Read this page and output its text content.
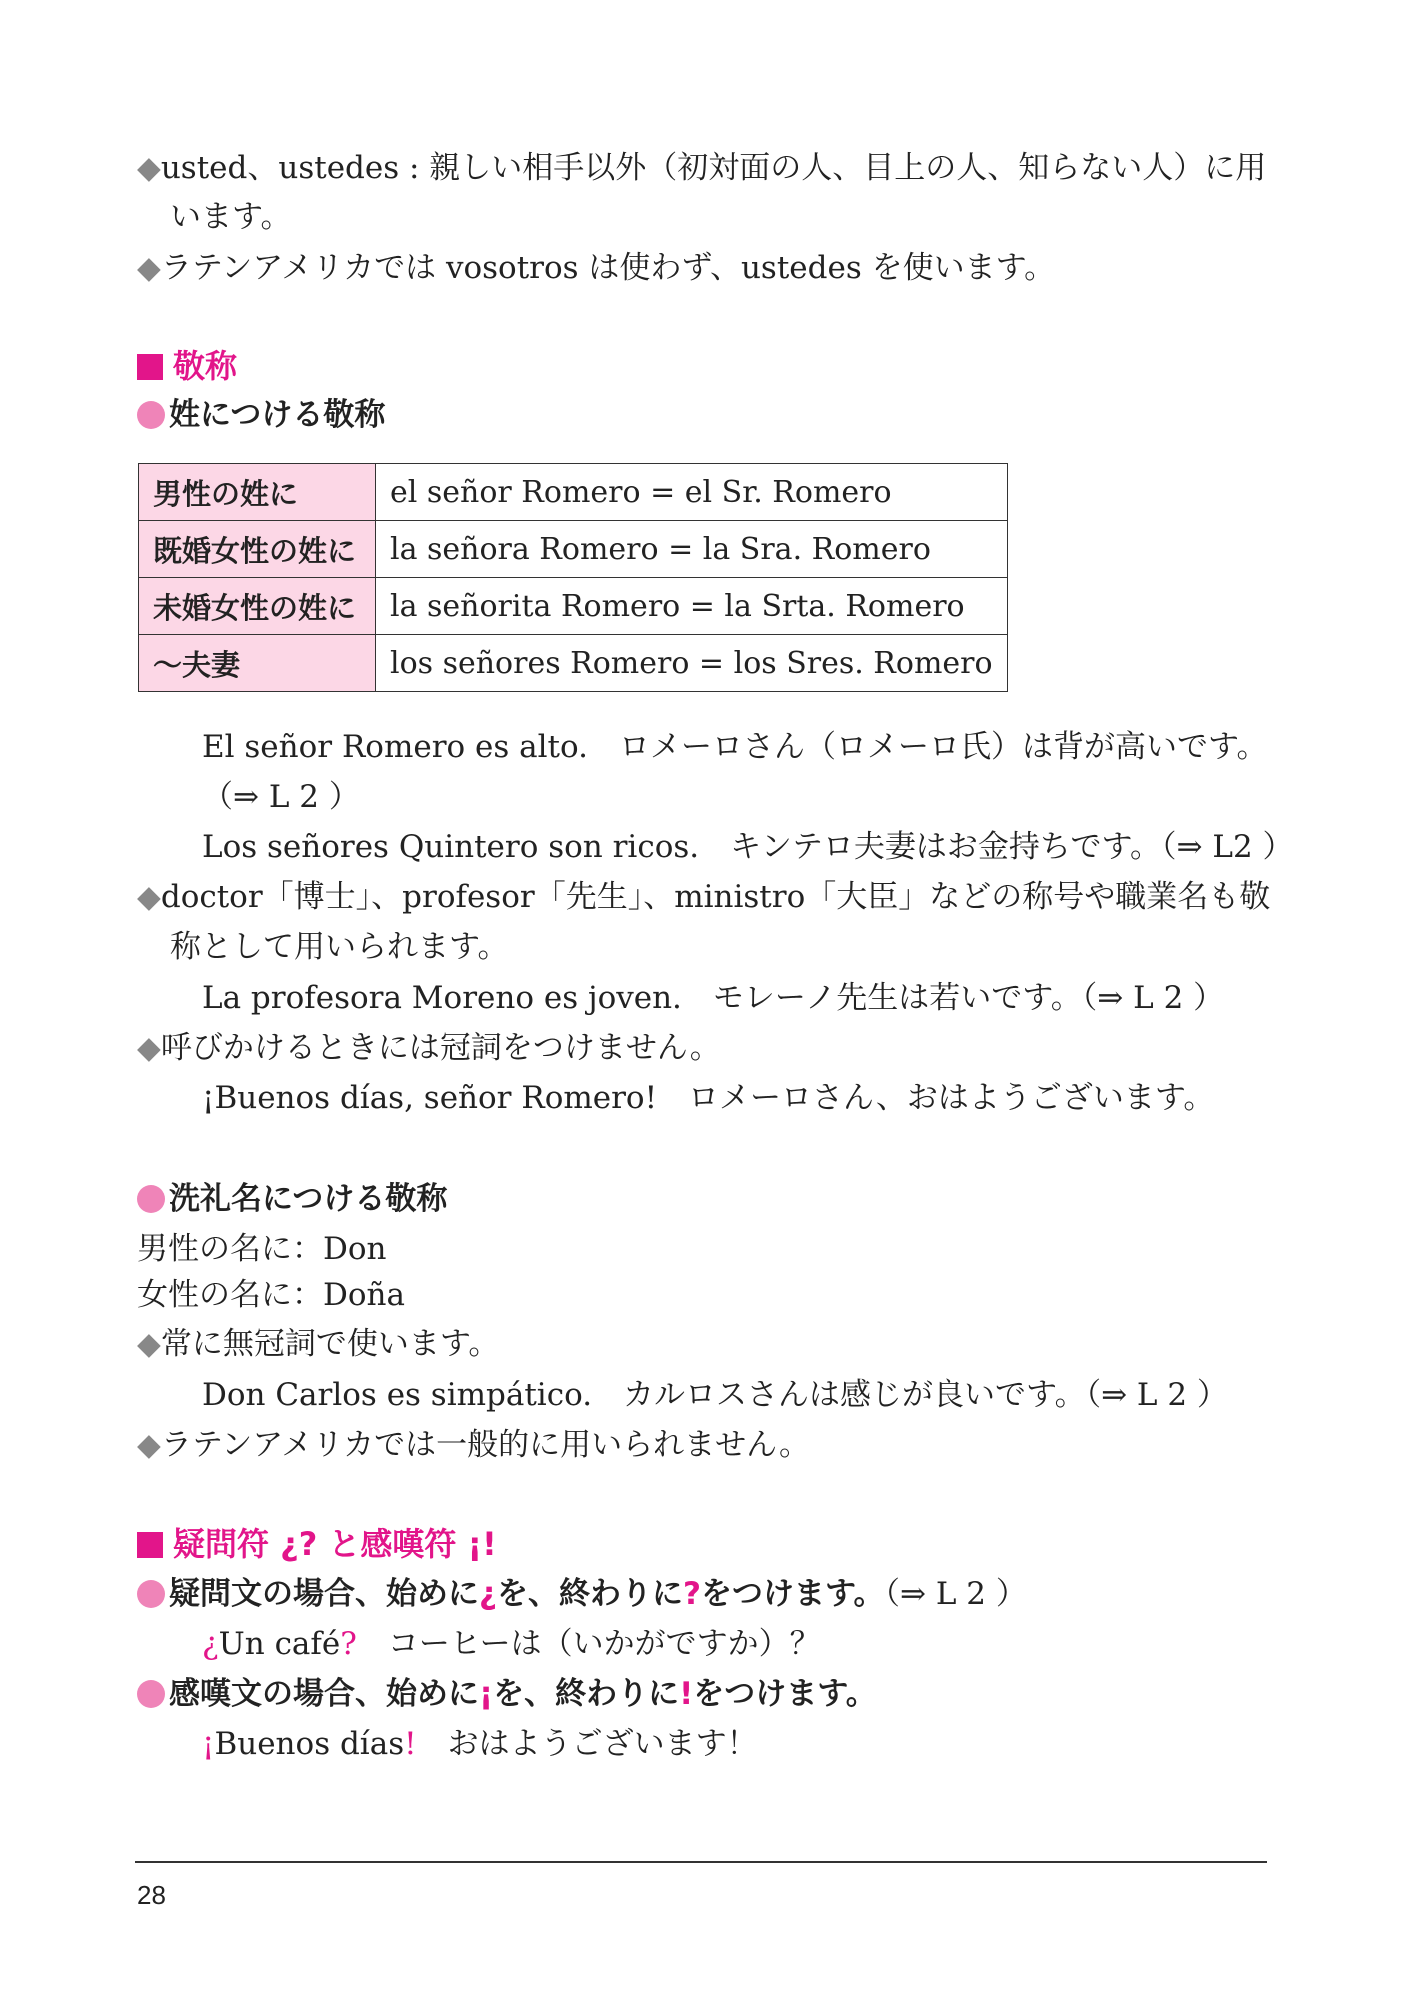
◆usted、ustedes : 親しい相手以外（初対面の人、目上の人、知らない人）に用
います。
◆ラテンアメリカでは vosotros は使わず、ustedes を使います。
敬称
姓につける敬称
男性の姓に	el señor Romero = el Sr. Romero
既婚女性の姓に	la señora Romero = la Sra. Romero
未婚女性の姓に	la señorita Romero = la Srta. Romero
〜夫妻	los señores Romero = los Sres. Romero
El señor Romero es alto.　ロメーロさん（ロメーロ氏）は背が高いです。
（⇒ L 2 ）
Los señores Quintero son ricos.　キンテロ夫妻はお金持ちです。（⇒ L2 ）
◆doctor「博士」、profesor「先生」、ministro「大臣」などの称号や職業名も敬
称として用いられます。
La profesora Moreno es joven.　モレーノ先生は若いです。（⇒ L 2 ）
◆呼びかけるときには冠詞をつけません。
¡Buenos días, señor Romero!　ロメーロさん、おはようございます。
洗礼名につける敬称
男性の名に：Don
女性の名に：Doña
◆常に無冠詞で使います。
Don Carlos es simpático.　カルロスさんは感じが良いです。（⇒ L 2 ）
◆ラテンアメリカでは一般的に用いられません。
疑問符 ¿? と感嘆符 ¡!
疑問文の場合、始めに¿を、終わりに?をつけます。（⇒ L 2 ）
¿Un café?　コーヒーは（いかがですか）？
感嘆文の場合、始めに¡を、終わりに!をつけます。
¡Buenos días!　おはようございます！
28
